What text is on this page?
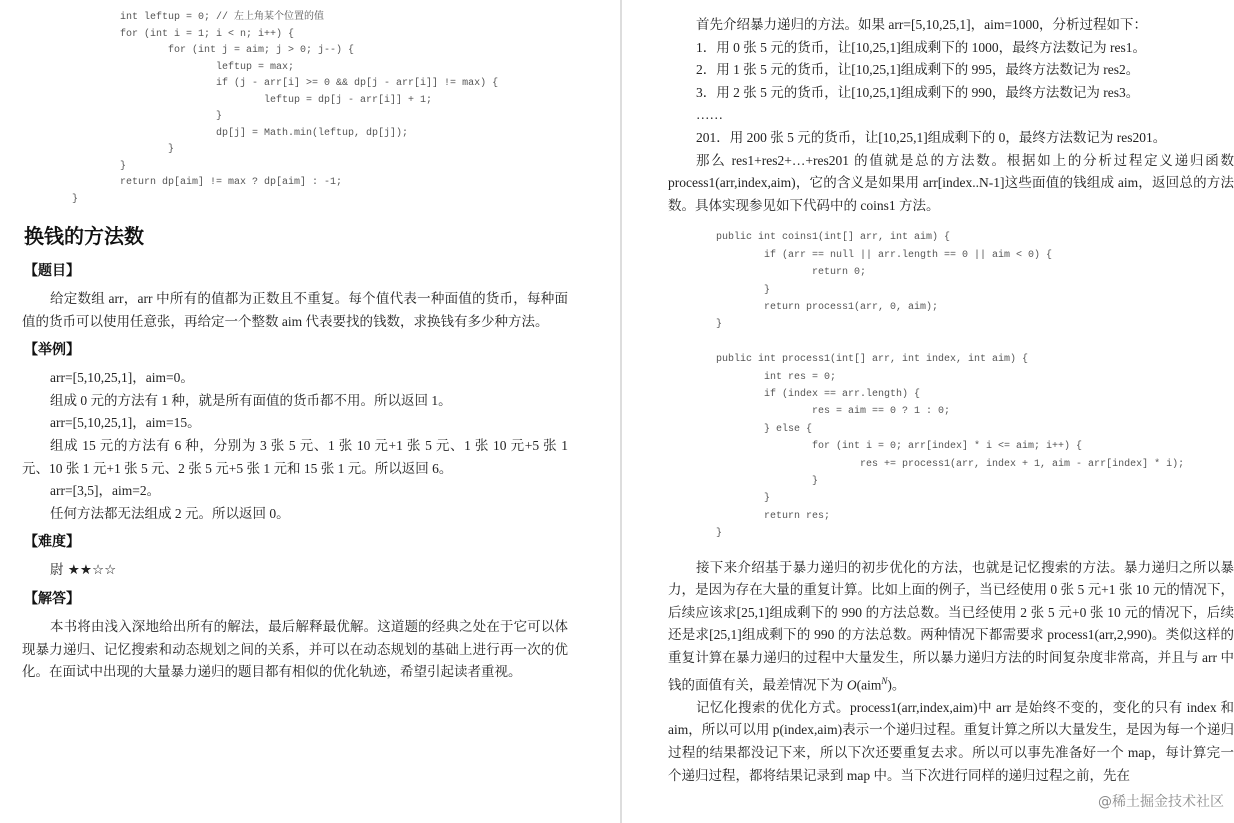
int leftup = 0; // 左上角某个位置的值
for (int i = 1; i < n; i++) {
for (int j = aim; j > 0; j--) {
leftup = max;
if (j - arr[i] >= 0 && dp[j - arr[i]] != max) {
leftup = dp[j - arr[i]] + 1;
}
dp[j] = Math.min(leftup, dp[j]);
}
}
return dp[aim] != max ? dp[aim] : -1;
}
换钱的方法数
【题目】

给定数组 arr，arr 中所有的值都为正数且不重复。每个值代表一种面值的货币，每种面值的货币可以使用任意张，再给定一个整数 aim 代表要找的钱数，求换钱有多少种方法。

【举例】

arr=[5,10,25,1]，aim=0。

组成 0 元的方法有 1 种，就是所有面值的货币都不用。所以返回 1。

arr=[5,10,25,1]，aim=15。

组成 15 元的方法有 6 种，分别为 3 张 5 元、1 张 10 元+1 张 5 元、1 张 10 元+5 张 1 元、10 张 1 元+1 张 5 元、2 张 5 元+5 张 1 元和 15 张 1 元。所以返回 6。

arr=[3,5]，aim=2。

任何方法都无法组成 2 元。所以返回 0。

【难度】
尉 ★★☆☆
【解答】

本书将由浅入深地给出所有的解法，最后解释最优解。这道题的经典之处在于它可以体现暴力递归、记忆搜索和动态规划之间的关系，并可以在动态规划的基础上进行再一次的优化。在面试中出现的大量暴力递归的题目都有相似的优化轨迹，希望引起读者重视。

首先介绍暴力递归的方法。如果 arr=[5,10,25,1]，aim=1000，分析过程如下：

1．用 0 张 5 元的货币，让[10,25,1]组成剩下的 1000，最终方法数记为 res1。

2．用 1 张 5 元的货币，让[10,25,1]组成剩下的 995，最终方法数记为 res2。

3．用 2 张 5 元的货币，让[10,25,1]组成剩下的 990，最终方法数记为 res3。

……

201．用 200 张 5 元的货币，让[10,25,1]组成剩下的 0，最终方法数记为 res201。

那么 res1+res2+…+res201 的值就是总的方法数。根据如上的分析过程定义递归函数 process1(arr,index,aim)，它的含义是如果用 arr[index..N-1]这些面值的钱组成 aim，返回总的方法数。具体实现参见如下代码中的 coins1 方法。

public int coins1(int[] arr, int aim) {
if (arr == null || arr.length == 0 || aim < 0) {
return 0;
}
return process1(arr, 0, aim);
}

public int process1(int[] arr, int index, int aim) {
int res = 0;
if (index == arr.length) {
res = aim == 0 ? 1 : 0;
} else {
for (int i = 0; arr[index] * i <= aim; i++) {
res += process1(arr, index + 1, aim - arr[index] * i);
}
}
return res;
}

接下来介绍基于暴力递归的初步优化的方法，也就是记忆搜索的方法。暴力递归之所以暴力，是因为存在大量的重复计算。比如上面的例子，当已经使用 0 张 5 元+1 张 10 元的情况下，后续应该求[25,1]组成剩下的 990 的方法总数。当已经使用 2 张 5 元+0 张 10 元的情况下，后续还是求[25,1]组成剩下的 990 的方法总数。两种情况下都需要求 process1(arr,2,990)。类似这样的重复计算在暴力递归的过程中大量发生，所以暴力递归方法的时间复杂度非常高，并且与 arr 中钱的面值有关，最差情况下为 O(aim$^N$)。

记忆化搜索的优化方式。process1(arr,index,aim)中 arr 是始终不变的，变化的只有 index 和 aim，所以可以用 p(index,aim)表示一个递归过程。重复计算之所以大量发生，是因为每一个递归过程的结果都没记下来，所以下次还要重复去求。所以可以事先准备好一个 map，每计算完一个递归过程，都将结果记录到 map 中。当下次进行同样的递归过程之前，先在

@稀土掘金技术社区
